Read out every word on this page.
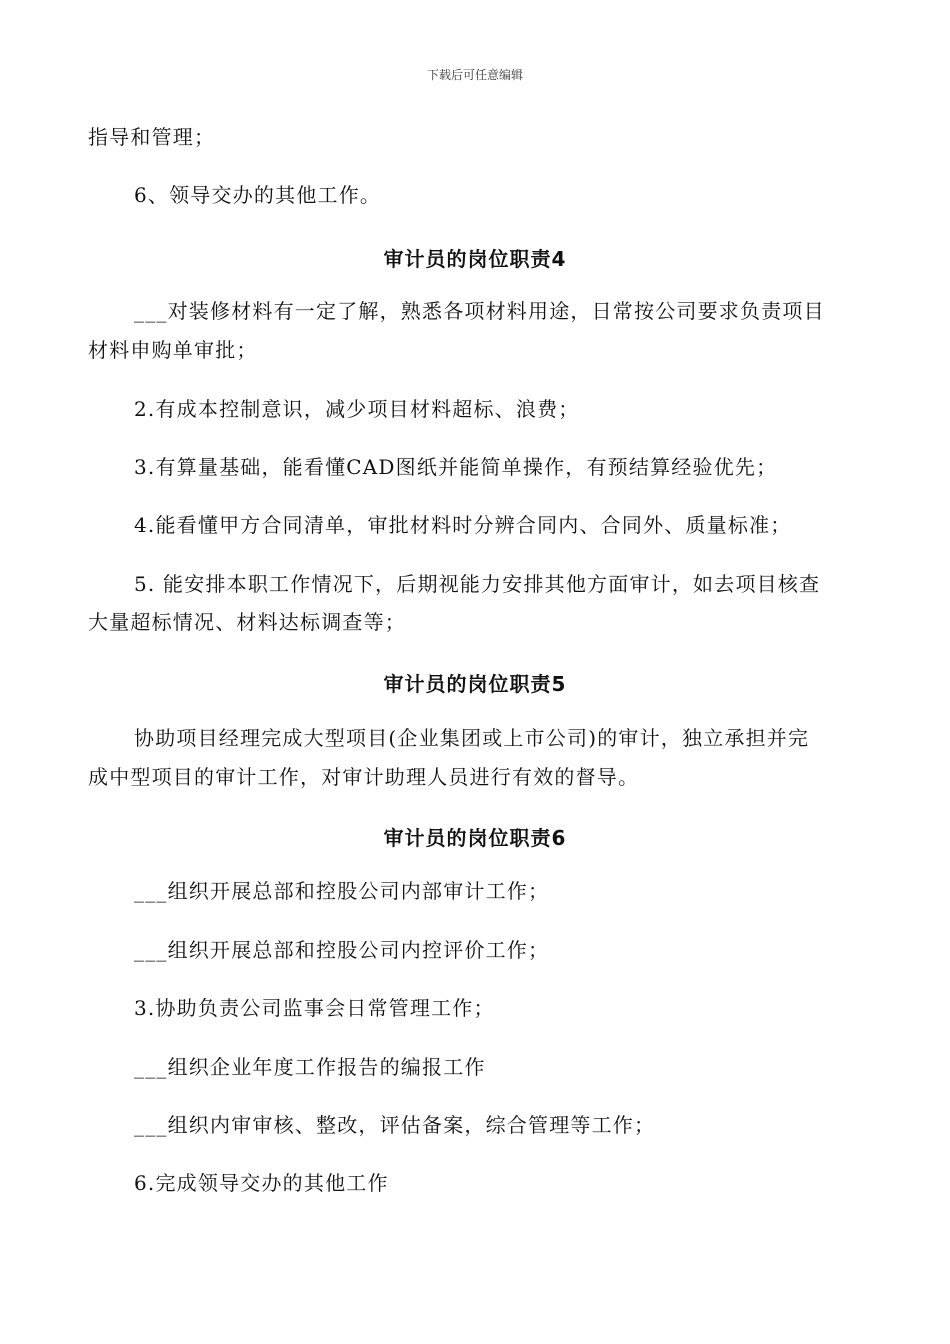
下载后可任意编辑
指导和管理；
6、领导交办的其他工作。
审计员的岗位职责4
___对装修材料有一定了解，熟悉各项材料用途，日常按公司要求负责项目
材料申购单审批；
2.有成本控制意识，减少项目材料超标、浪费；
3.有算量基础，能看懂CAD图纸并能简单操作，有预结算经验优先；
4.能看懂甲方合同清单，审批材料时分辨合同内、合同外、质量标准；
5. 能安排本职工作情况下，后期视能力安排其他方面审计，如去项目核查
大量超标情况、材料达标调查等；
审计员的岗位职责5
协助项目经理完成大型项目(企业集团或上市公司)的审计，独立承担并完
成中型项目的审计工作，对审计助理人员进行有效的督导。
审计员的岗位职责6
___组织开展总部和控股公司内部审计工作；
___组织开展总部和控股公司内控评价工作；
3.协助负责公司监事会日常管理工作；
___组织企业年度工作报告的编报工作
___组织内审审核、整改，评估备案，综合管理等工作；
6.完成领导交办的其他工作
